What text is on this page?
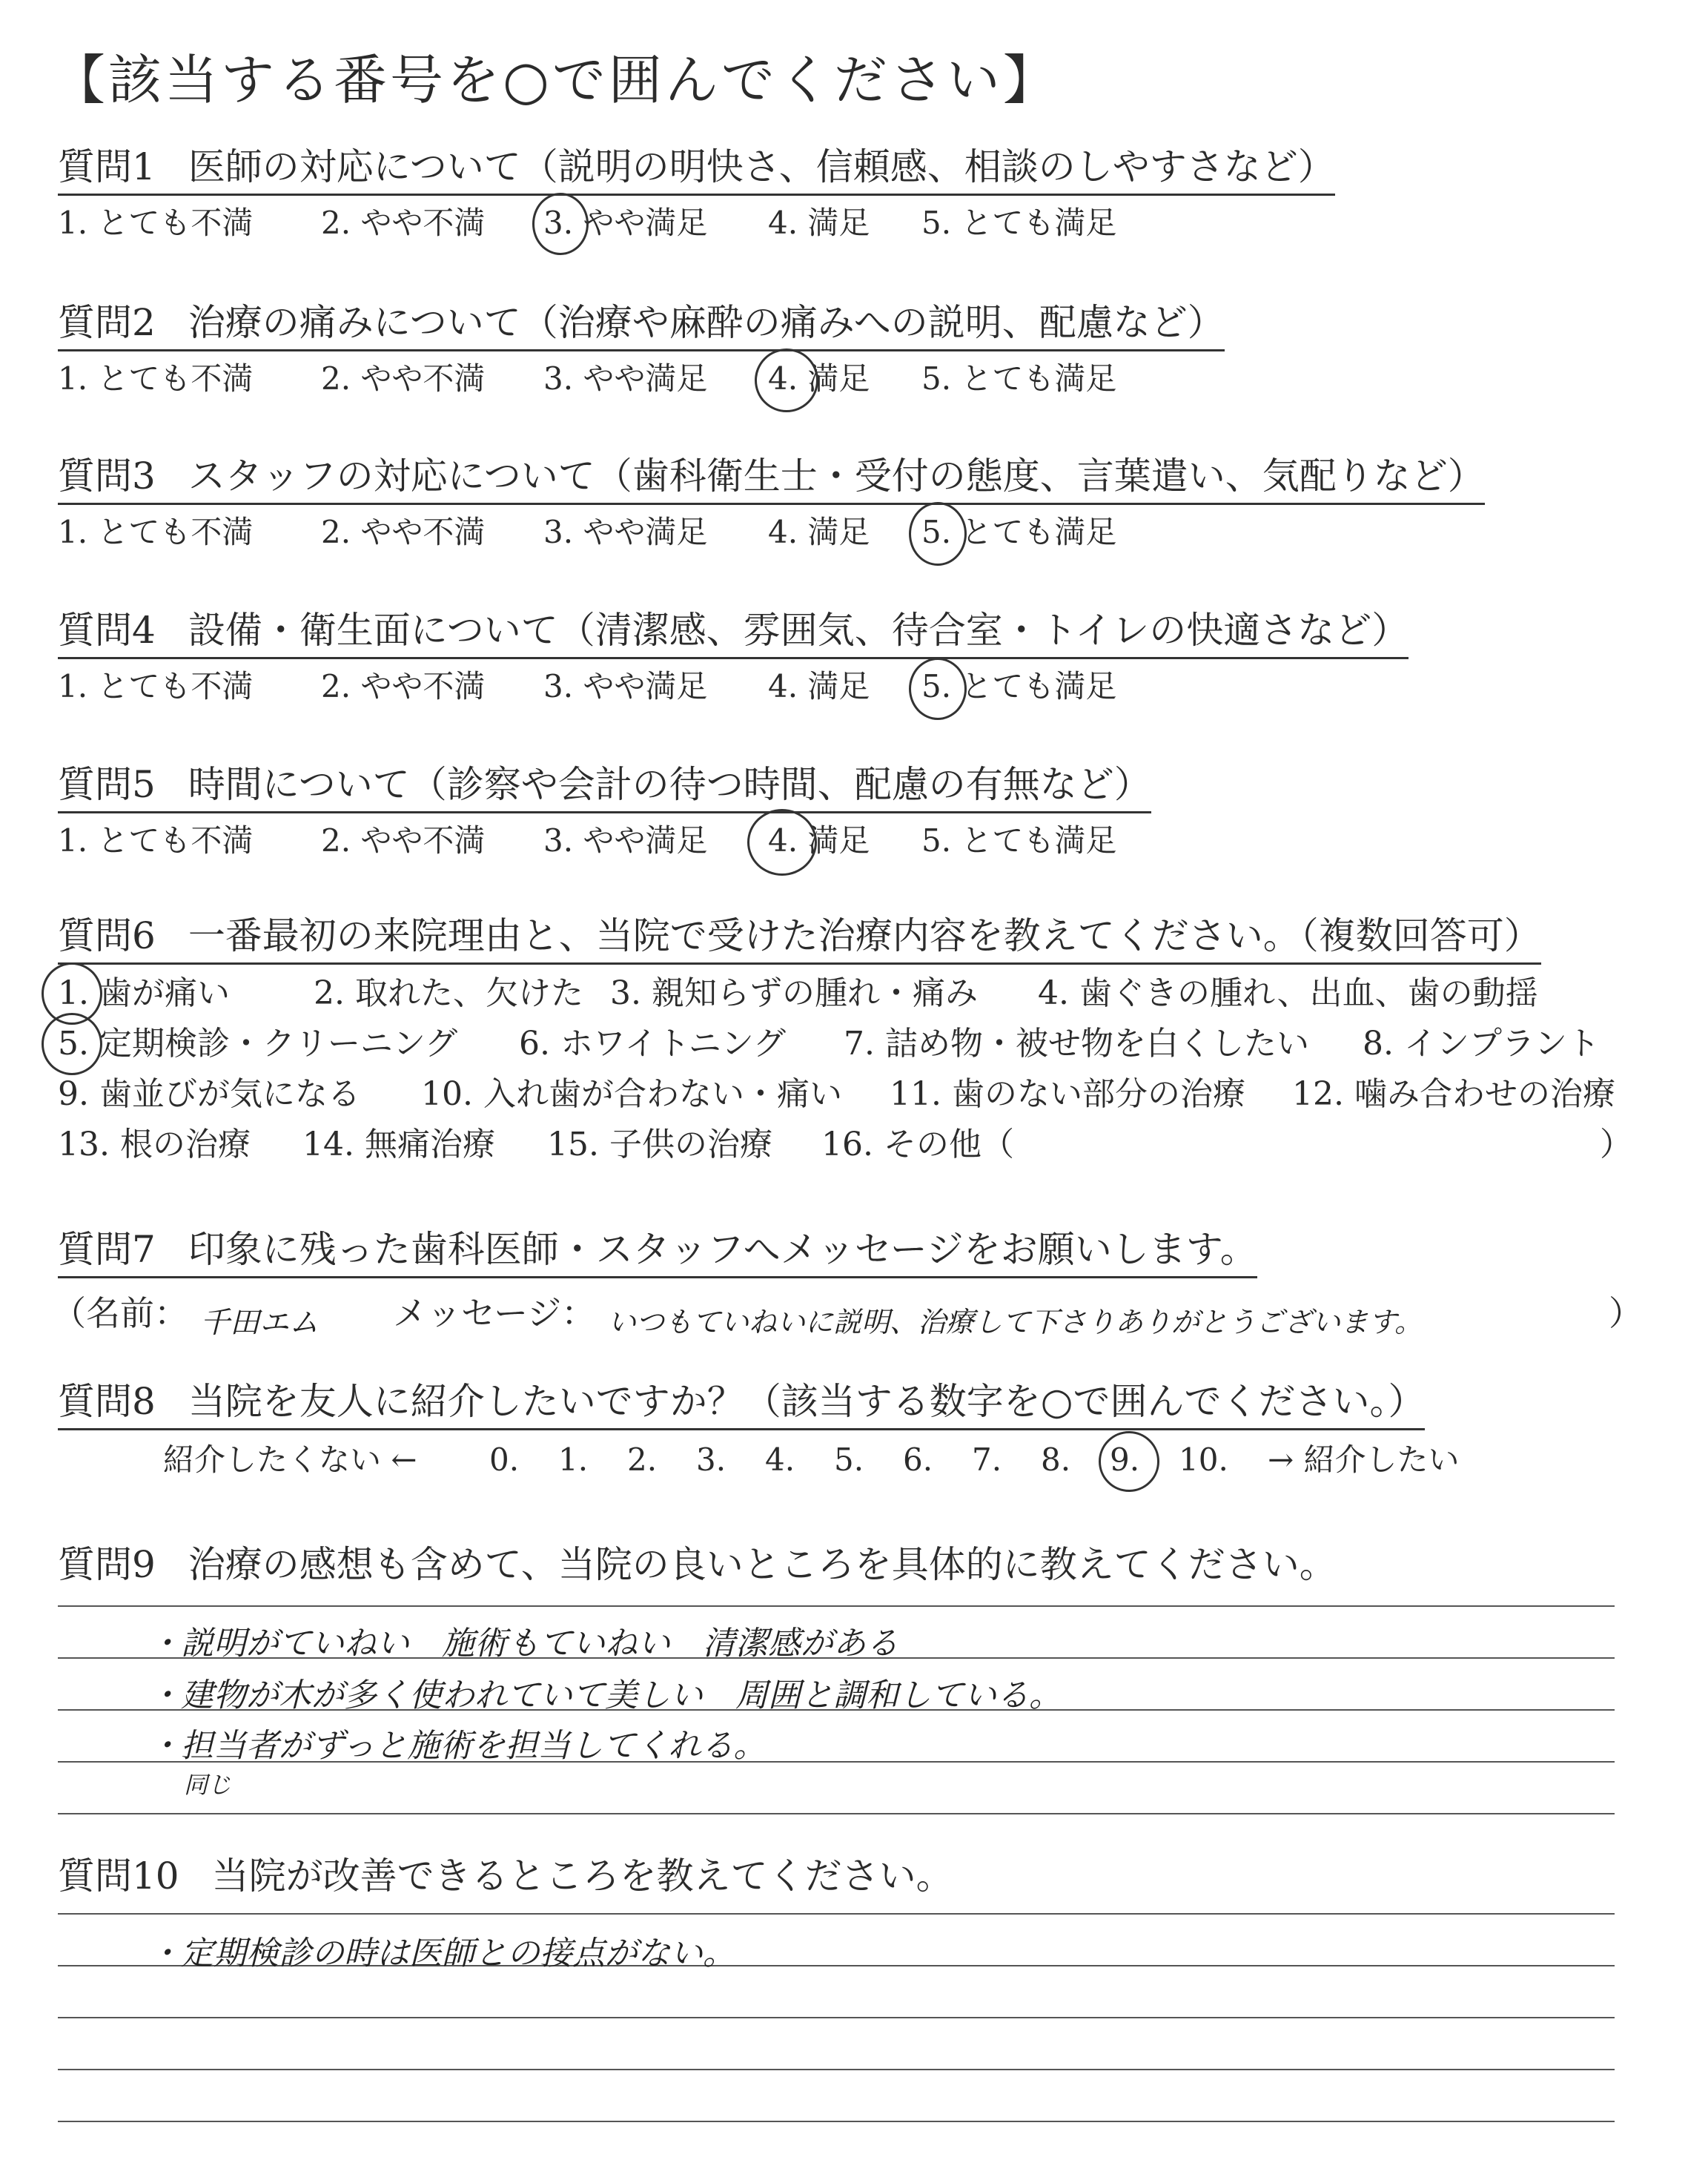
【該当する番号を○で囲んでください】
質問1 医師の対応について（説明の明快さ、信頼感、相談のしやすさなど）
1. とても不満 2. やや不満 3. やや満足 4. 満足 5. とても満足
質問2 治療の痛みについて（治療や麻酔の痛みへの説明、配慮など）
1. とても不満 2. やや不満 3. やや満足 4. 満足 5. とても満足
質問3 スタッフの対応について（歯科衛生士・受付の態度、言葉遣い、気配りなど）
1. とても不満 2. やや不満 3. やや満足 4. 満足 5. とても満足
質問4 設備・衛生面について（清潔感、雰囲気、待合室・トイレの快適さなど）
1. とても不満 2. やや不満 3. やや満足 4. 満足 5. とても満足
質問5 時間について（診察や会計の待つ時間、配慮の有無など）
1. とても不満 2. やや不満 3. やや満足 4. 満足 5. とても満足
質問6 一番最初の来院理由と、当院で受けた治療内容を教えてください。（複数回答可）
1. 歯が痛い	2. 取れた、欠けた 3. 親知らずの腫れ・痛み 4. 歯ぐきの腫れ、出血、歯の動揺
5. 定期検診・クリーニング 6. ホワイトニング 7. 詰め物・被せ物を白くしたい 8. インプラント
9. 歯並びが気になる 10. 入れ歯が合わない・痛い 11. 歯のない部分の治療 12. 噛み合わせの治療
13. 根の治療 14. 無痛治療 15. 子供の治療 16. その他（	）
質問7 印象に残った歯科医師・スタッフへメッセージをお願いします。
（名前： 千田エム メッセージ： いつもていねいに説明、治療して下さりありがとうございます。	）
質問8 当院を友人に紹介したいですか？（該当する数字を○で囲んでください。）
紹介したくない ← 0. 1. 2. 3. 4. 5. 6. 7. 8. 9. 10. → 紹介したい
質問9 治療の感想も含めて、当院の良いところを具体的に教えてください。
・説明がていねい　施術もていねい　清潔感がある
・建物が木が多く使われていて美しい　周囲と調和している。
・担当者がずっと施術を担当してくれる。
同じ
質問10 当院が改善できるところを教えてください。
・定期検診の時は医師との接点がない。
